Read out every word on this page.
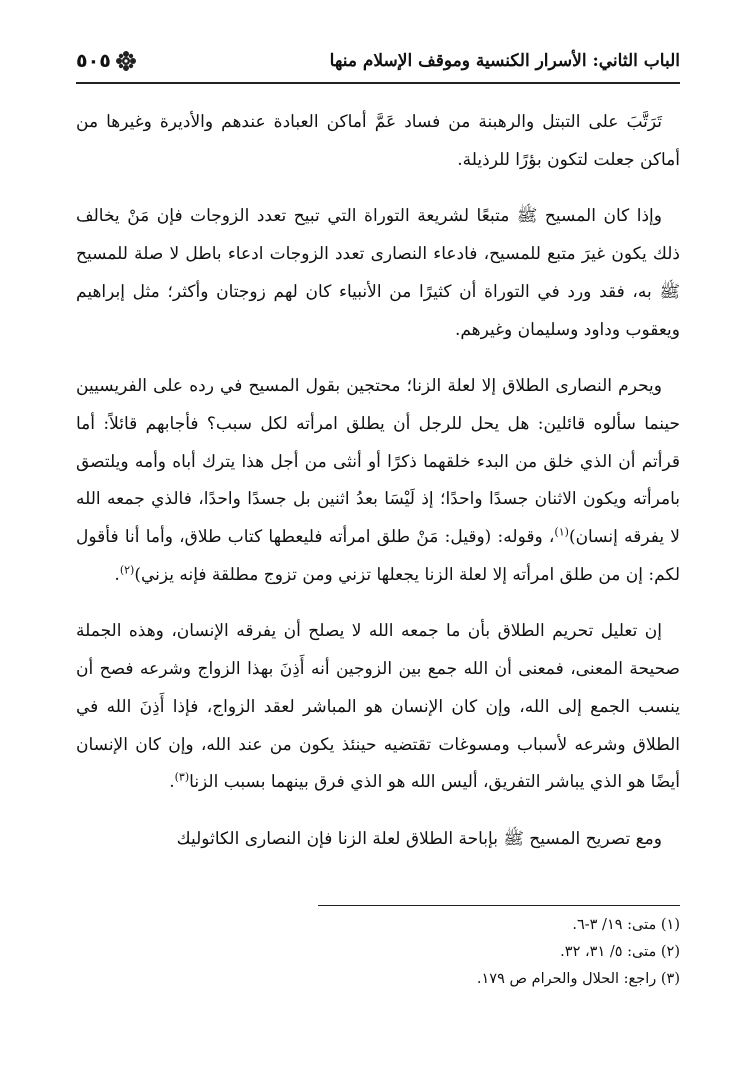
الباب الثاني: الأسرار الكنسية وموقف الإسلام منها
٥٠٥

تَرَتَّبَ على التبتل والرهبنة من فساد عَمَّ أماكن العبادة عندهم والأديرة وغيرها من أماكن جعلت لتكون بؤرًا للرذيلة.

وإذا كان المسيح ﷺ متبعًا لشريعة التوراة التي تبيح تعدد الزوجات فإن مَنْ يخالف ذلك يكون غيرَ متبع للمسيح، فادعاء النصارى تعدد الزوجات ادعاء باطل لا صلة للمسيح ﷺ به، فقد ورد في التوراة أن كثيرًا من الأنبياء كان لهم زوجتان وأكثر؛ مثل إبراهيم ويعقوب وداود وسليمان وغيرهم.

ويحرم النصارى الطلاق إلا لعلة الزنا؛ محتجين بقول المسيح في رده على الفريسيين حينما سألوه قائلين: هل يحل للرجل أن يطلق امرأته لكل سبب؟ فأجابهم قائلاً: أما قرأتم أن الذي خلق من البدء خلقهما ذكرًا أو أنثى من أجل هذا يترك أباه وأمه ويلتصق بامرأته ويكون الاثنان جسدًا واحدًا؛ إذ لَيْسَا بعدُ اثنين بل جسدًا واحدًا، فالذي جمعه الله لا يفرقه إنسان)$^{(١)}$، وقوله: (وقيل: مَنْ طلق امرأته فليعطها كتاب طلاق، وأما أنا فأقول لكم: إن من طلق امرأته إلا لعلة الزنا يجعلها تزني ومن تزوج مطلقة فإنه يزني)$^{(٢)}$.

إن تعليل تحريم الطلاق بأن ما جمعه الله لا يصلح أن يفرقه الإنسان، وهذه الجملة صحيحة المعنى، فمعنى أن الله جمع بين الزوجين أنه أَذِنَ بهذا الزواج وشرعه فصح أن ينسب الجمع إلى الله، وإن كان الإنسان هو المباشر لعقد الزواج، فإذا أَذِنَ الله في الطلاق وشرعه لأسباب ومسوغات تقتضيه حينئذ يكون من عند الله، وإن كان الإنسان أيضًا هو الذي يباشر التفريق، أليس الله هو الذي فرق بينهما بسبب الزنا$^{(٣)}$.

ومع تصريح المسيح ﷺ بإباحة الطلاق لعلة الزنا فإن النصارى الكاثوليك

(١) متى: ١٩/ ٣-٦.

(٢) متى: ٥/ ٣١، ٣٢.

(٣) راجع: الحلال والحرام ص ١٧٩.
